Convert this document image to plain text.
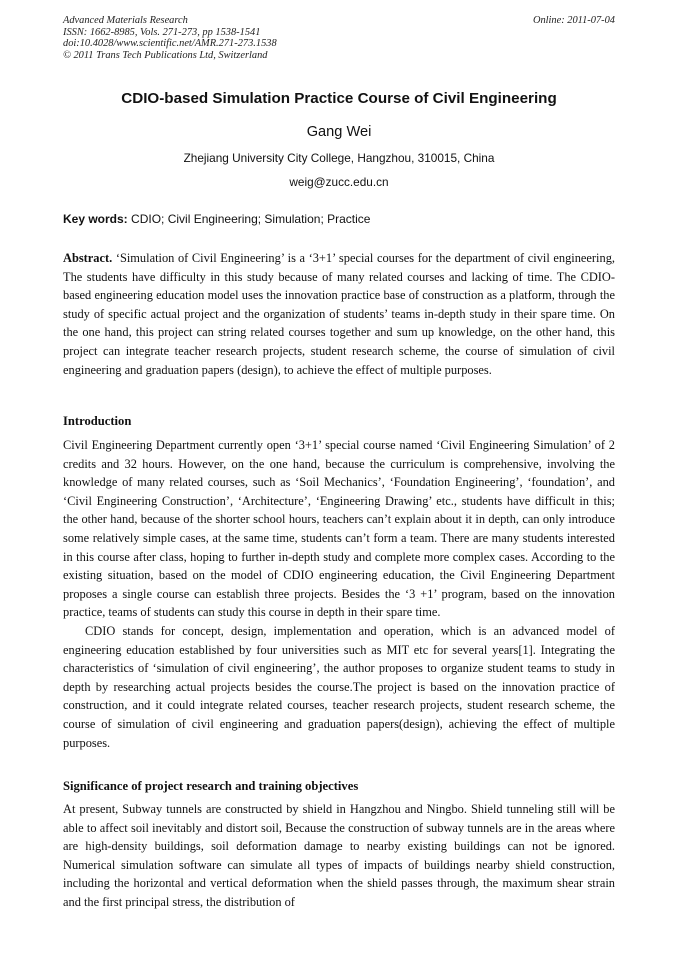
Advanced Materials Research
ISSN: 1662-8985, Vols. 271-273, pp 1538-1541
doi:10.4028/www.scientific.net/AMR.271-273.1538
© 2011 Trans Tech Publications Ltd, Switzerland
Online: 2011-07-04
CDIO-based Simulation Practice Course of Civil Engineering
Gang Wei
Zhejiang University City College, Hangzhou, 310015, China
weig@zucc.edu.cn
Key words: CDIO; Civil Engineering; Simulation; Practice

Abstract. ‘Simulation of Civil Engineering’ is a ‘3+1’ special courses for the department of civil engineering, The students have difficulty in this study because of many related courses and lacking of time. The CDIO-based engineering education model uses the innovation practice base of construction as a platform, through the study of specific actual project and the organization of students’ teams in-depth study in their spare time. On the one hand, this project can string related courses together and sum up knowledge, on the other hand, this project can integrate teacher research projects, student research scheme, the course of simulation of civil engineering and graduation papers (design), to achieve the effect of multiple purposes.

Introduction

Civil Engineering Department currently open ‘3+1’ special course named ‘Civil Engineering Simulation’ of 2 credits and 32 hours. However, on the one hand, because the curriculum is comprehensive, involving the knowledge of many related courses, such as ‘Soil Mechanics’, ‘Foundation Engineering’, ‘foundation’, and ‘Civil Engineering Construction’, ‘Architecture’, ‘Engineering Drawing’ etc., students have difficult in this; the other hand, because of the shorter school hours, teachers can’t explain about it in depth, can only introduce some relatively simple cases, at the same time, students can’t form a team. There are many students interested in this course after class, hoping to further in-depth study and complete more complex cases. According to the existing situation, based on the model of CDIO engineering education, the Civil Engineering Department proposes a single course can establish three projects. Besides the ‘3 +1’ program, based on the innovation practice, teams of students can study this course in depth in their spare time.

CDIO stands for concept, design, implementation and operation, which is an advanced model of engineering education established by four universities such as MIT etc for several years[1]. Integrating the characteristics of ‘simulation of civil engineering’, the author proposes to organize student teams to study in depth by researching actual projects besides the course.The project is based on the innovation practice of construction, and it could integrate related courses, teacher research projects, student research scheme, the course of simulation of civil engineering and graduation papers(design), achieving the effect of multiple purposes.

Significance of project research and training objectives

At present, Subway tunnels are constructed by shield in Hangzhou and Ningbo. Shield tunneling still will be able to affect soil inevitably and distort soil, Because the construction of subway tunnels are in the areas where are high-density buildings, soil deformation damage to nearby existing buildings can not be ignored. Numerical simulation software can simulate all types of impacts of buildings nearby shield construction, including the horizontal and vertical deformation when the shield passes through, the maximum shear strain and the first principal stress, the distribution of
